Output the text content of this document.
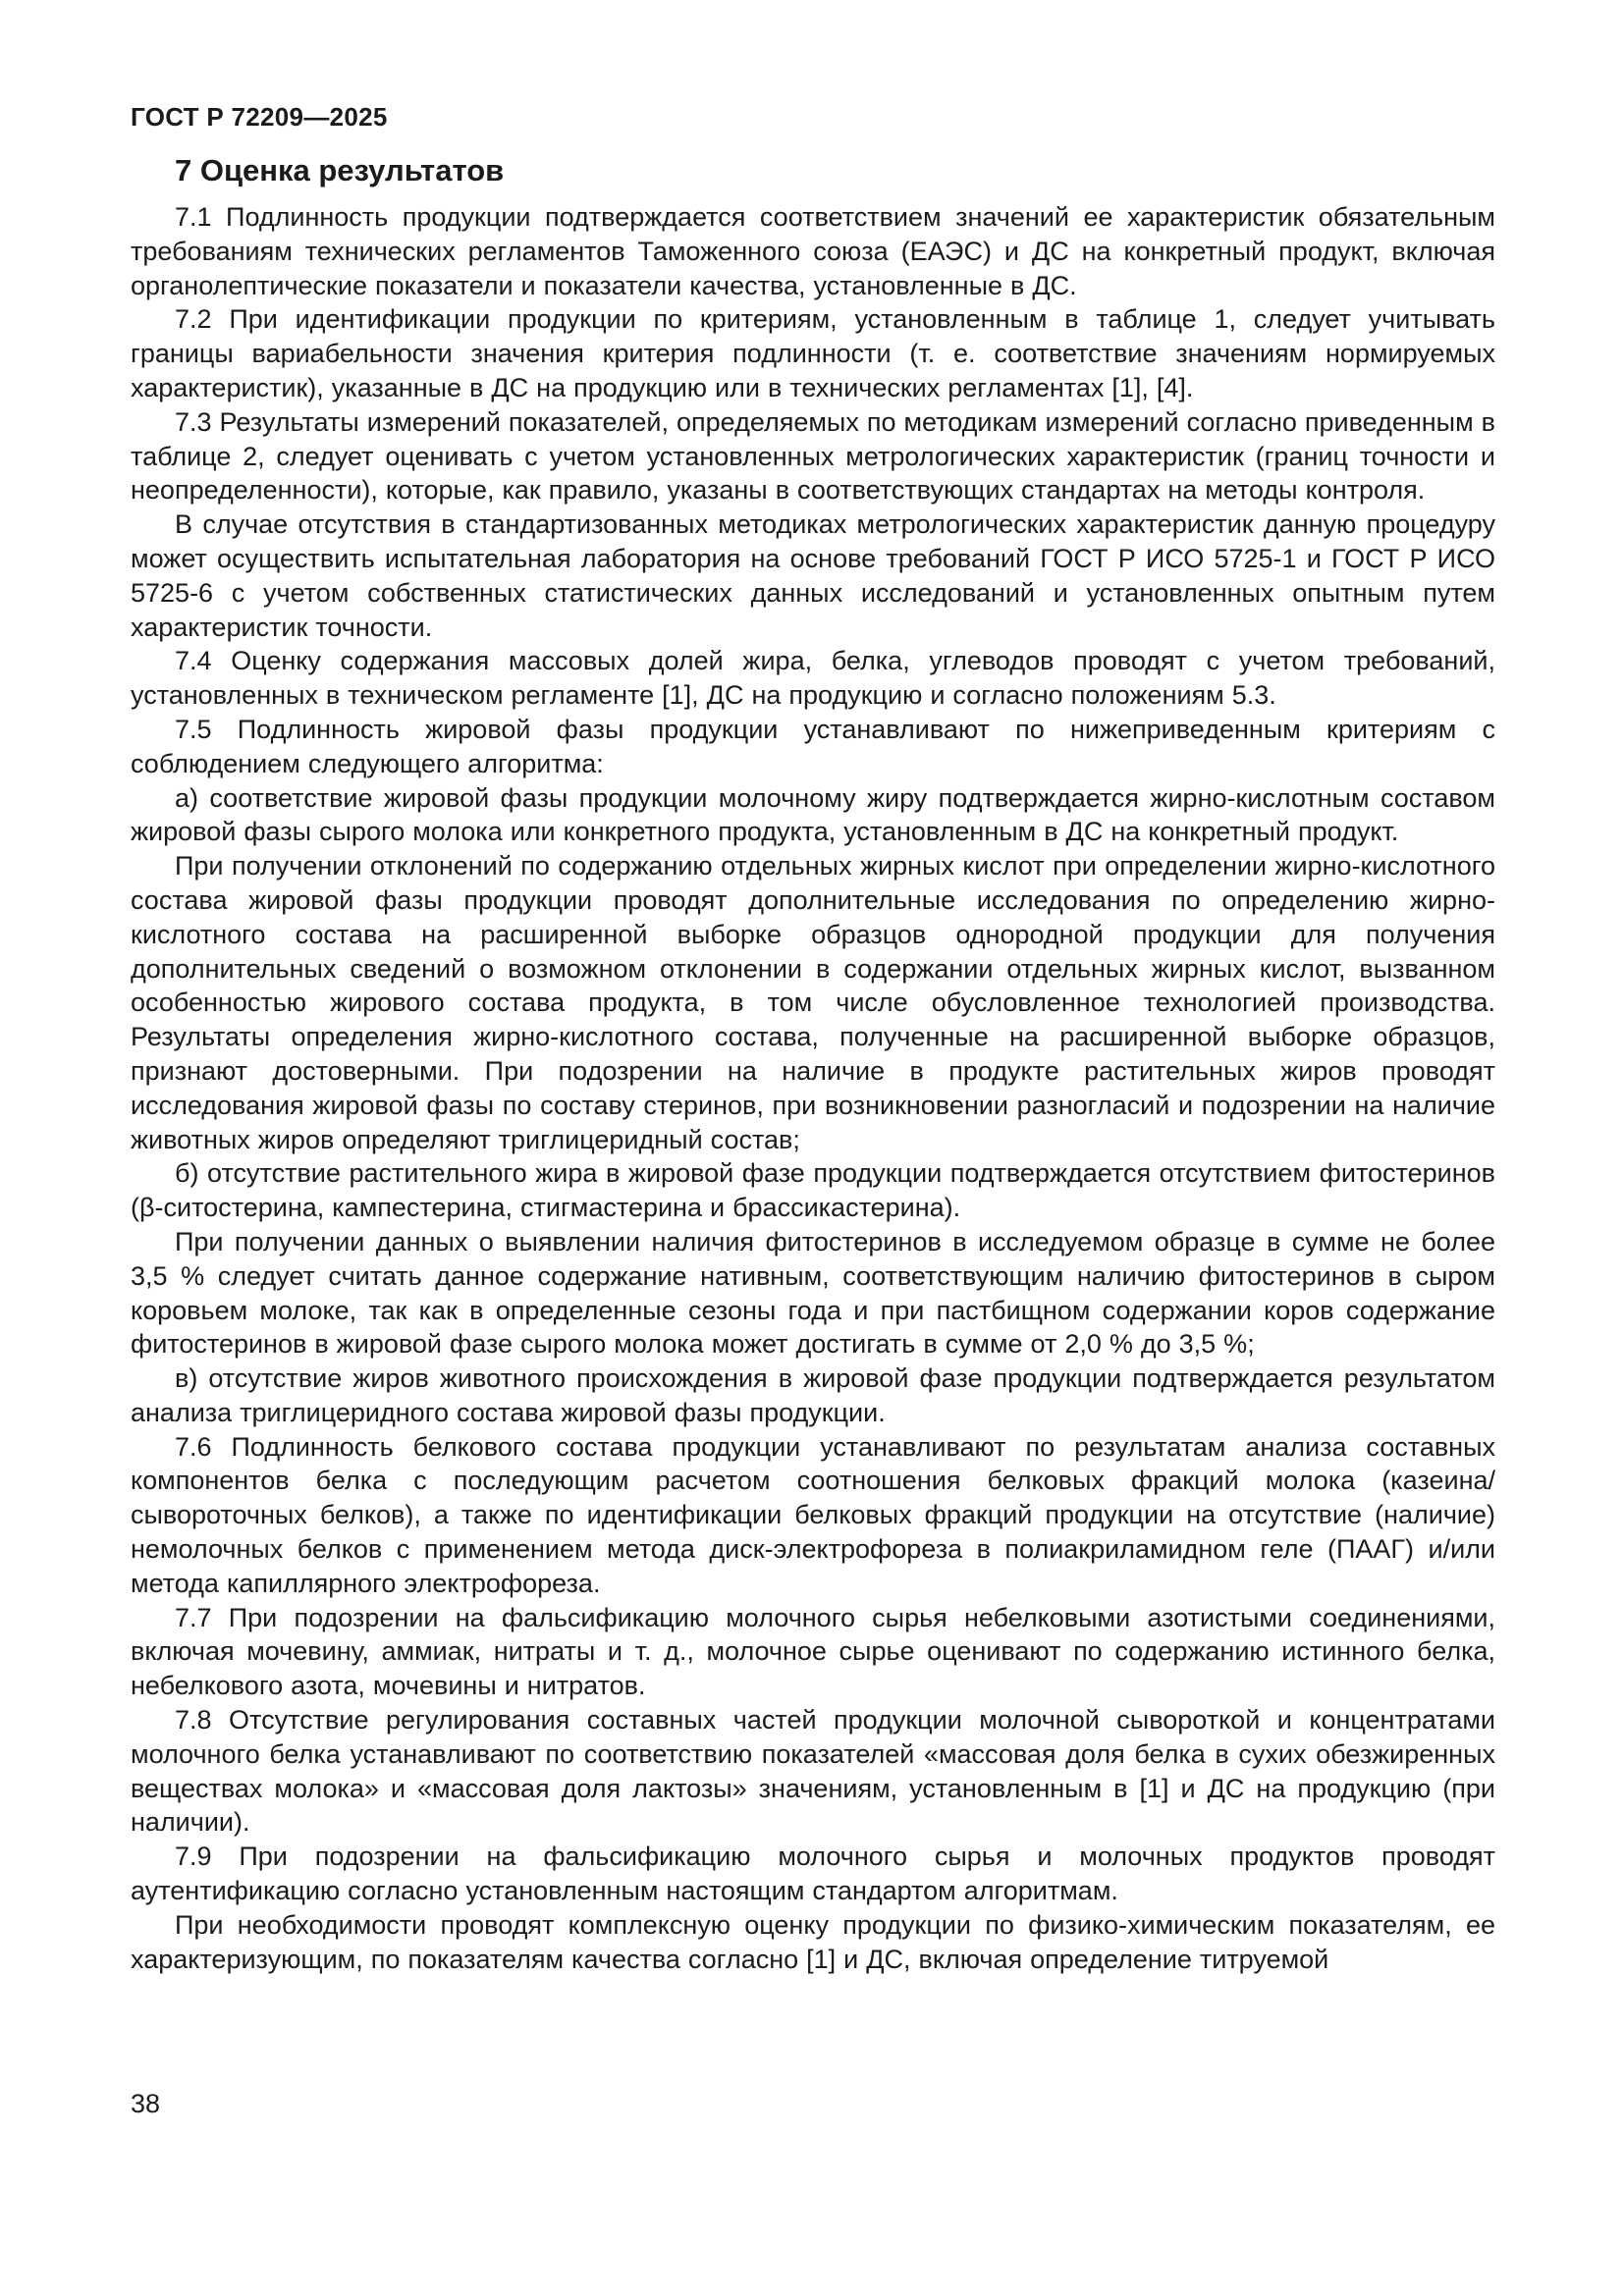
ГОСТ Р 72209—2025
7 Оценка результатов

7.1 Подлинность продукции подтверждается соответствием значений ее характеристик обязательным требованиям технических регламентов Таможенного союза (ЕАЭС) и ДС на конкретный продукт, включая органолептические показатели и показатели качества, установленные в ДС.

7.2 При идентификации продукции по критериям, установленным в таблице 1, следует учитывать границы вариабельности значения критерия подлинности (т. е. соответствие значениям нормируемых характеристик), указанные в ДС на продукцию или в технических регламентах [1], [4].

7.3 Результаты измерений показателей, определяемых по методикам измерений согласно приведенным в таблице 2, следует оценивать с учетом установленных метрологических характеристик (границ точности и неопределенности), которые, как правило, указаны в соответствующих стандартах на методы контроля.

В случае отсутствия в стандартизованных методиках метрологических характеристик данную процедуру может осуществить испытательная лаборатория на основе требований ГОСТ Р ИСО 5725-1 и ГОСТ Р ИСО 5725-6 с учетом собственных статистических данных исследований и установленных опытным путем характеристик точности.

7.4 Оценку содержания массовых долей жира, белка, углеводов проводят с учетом требований, установленных в техническом регламенте [1], ДС на продукцию и согласно положениям 5.3.

7.5 Подлинность жировой фазы продукции устанавливают по нижеприведенным критериям с соблюдением следующего алгоритма:

а) соответствие жировой фазы продукции молочному жиру подтверждается жирно-кислотным составом жировой фазы сырого молока или конкретного продукта, установленным в ДС на конкретный продукт.

При получении отклонений по содержанию отдельных жирных кислот при определении жирно-кислотного состава жировой фазы продукции проводят дополнительные исследования по определению жирно-кислотного состава на расширенной выборке образцов однородной продукции для получения дополнительных сведений о возможном отклонении в содержании отдельных жирных кислот, вызванном особенностью жирового состава продукта, в том числе обусловленное технологией производства. Результаты определения жирно-кислотного состава, полученные на расширенной выборке образцов, признают достоверными. При подозрении на наличие в продукте растительных жиров проводят исследования жировой фазы по составу стеринов, при возникновении разногласий и подозрении на наличие животных жиров определяют триглицеридный состав;

б) отсутствие растительного жира в жировой фазе продукции подтверждается отсутствием фитостеринов (β-ситостерина, кампестерина, стигмастерина и брассикастерина).

При получении данных о выявлении наличия фитостеринов в исследуемом образце в сумме не более 3,5 % следует считать данное содержание нативным, соответствующим наличию фитостеринов в сыром коровьем молоке, так как в определенные сезоны года и при пастбищном содержании коров содержание фитостеринов в жировой фазе сырого молока может достигать в сумме от 2,0 % до 3,5 %;

в) отсутствие жиров животного происхождения в жировой фазе продукции подтверждается результатом анализа триглицеридного состава жировой фазы продукции.

7.6 Подлинность белкового состава продукции устанавливают по результатам анализа составных компонентов белка с последующим расчетом соотношения белковых фракций молока (казеина/сывороточных белков), а также по идентификации белковых фракций продукции на отсутствие (наличие) немолочных белков с применением метода диск-электрофореза в полиакриламидном геле (ПААГ) и/или метода капиллярного электрофореза.

7.7 При подозрении на фальсификацию молочного сырья небелковыми азотистыми соединениями, включая мочевину, аммиак, нитраты и т. д., молочное сырье оценивают по содержанию истинного белка, небелкового азота, мочевины и нитратов.

7.8 Отсутствие регулирования составных частей продукции молочной сывороткой и концентратами молочного белка устанавливают по соответствию показателей «массовая доля белка в сухих обезжиренных веществах молока» и «массовая доля лактозы» значениям, установленным в [1] и ДС на продукцию (при наличии).

7.9 При подозрении на фальсификацию молочного сырья и молочных продуктов проводят аутентификацию согласно установленным настоящим стандартом алгоритмам.

При необходимости проводят комплексную оценку продукции по физико-химическим показателям, ее характеризующим, по показателям качества согласно [1] и ДС, включая определение титруемой

38
